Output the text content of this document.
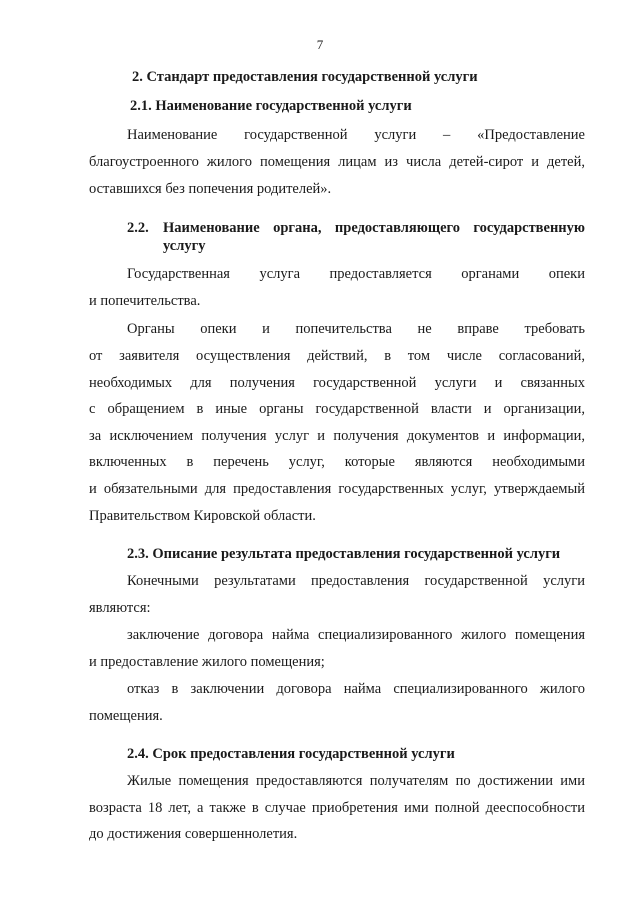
7
2. Стандарт предоставления государственной услуги
2.1. Наименование государственной услуги
Наименование государственной услуги – «Предоставление
благоустроенного жилого помещения лицам из числа детей-сирот и детей,
оставшихся без попечения родителей».
2.2. Наименование органа, предоставляющего государственную
услугу
Государственная услуга предоставляется органами опеки
и попечительства.
Органы опеки и попечительства не вправе требовать
от заявителя осуществления действий, в том числе согласований,
необходимых для получения государственной услуги и связанных
с обращением в иные органы государственной власти и организации,
за исключением получения услуг и получения документов и информации,
включенных в перечень услуг, которые являются необходимыми
и обязательными для предоставления государственных услуг, утверждаемый
Правительством Кировской области.
2.3. Описание результата предоставления государственной услуги
Конечными результатами предоставления государственной услуги
являются:
заключение договора найма специализированного жилого помещения
и предоставление жилого помещения;
отказ в заключении договора найма специализированного жилого
помещения.
2.4. Срок предоставления государственной услуги
Жилые помещения предоставляются получателям по достижении ими
возраста 18 лет, а также в случае приобретения ими полной дееспособности
до достижения совершеннолетия.
